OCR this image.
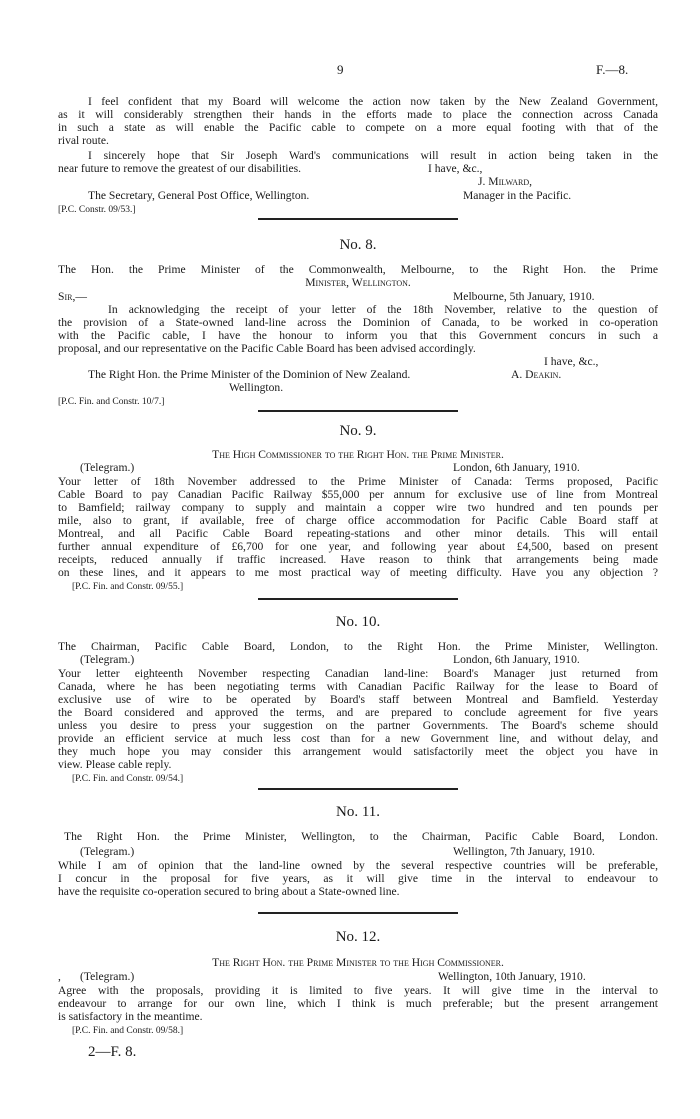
9	F.—8.
I feel confident that my Board will welcome the action now taken by the New Zealand Government,
as it will considerably strengthen their hands in the efforts made to place the connection across Canada
in such a state as will enable the Pacific cable to compete on a more equal footing with that of the
rival route.
I sincerely hope that Sir Joseph Ward's communications will result in action being taken in the
near future to remove the greatest of our disabilities.	I have, &c.,
J. Milward,
The Secretary, General Post Office, Wellington.	Manager in the Pacific.
[P.C. Constr. 09/53.]
No. 8.
The Hon. the Prime Minister of the Commonwealth, Melbourne, to the Right Hon. the Prime
Minister, Wellington.
Sir,—	Melbourne, 5th January, 1910.
In acknowledging the receipt of your letter of the 18th November, relative to the question of
the provision of a State-owned land-line across the Dominion of Canada, to be worked in co-operation
with the Pacific cable, I have the honour to inform you that this Government concurs in such a
proposal, and our representative on the Pacific Cable Board has been advised accordingly.
I have, &c.,
The Right Hon. the Prime Minister of the Dominion of New Zealand.	A. Deakin.
Wellington.
[P.C. Fin. and Constr. 10/7.]
No. 9.
The High Commissioner to the Right Hon. the Prime Minister.
(Telegram.)	London, 6th January, 1910.
Your letter of 18th November addressed to the Prime Minister of Canada: Terms proposed, Pacific
Cable Board to pay Canadian Pacific Railway $55,000 per annum for exclusive use of line from Montreal
to Bamfield; railway company to supply and maintain a copper wire two hundred and ten pounds per
mile, also to grant, if available, free of charge office accommodation for Pacific Cable Board staff at
Montreal, and all Pacific Cable Board repeating-stations and other minor details. This will entail
further annual expenditure of £6,700 for one year, and following year about £4,500, based on present
receipts, reduced annually if traffic increased. Have reason to think that arrangements being made
on these lines, and it appears to me most practical way of meeting difficulty. Have you any objection ?
[P.C. Fin. and Constr. 09/55.]
No. 10.
The Chairman, Pacific Cable Board, London, to the Right Hon. the Prime Minister, Wellington.
(Telegram.)	London, 6th January, 1910.
Your letter eighteenth November respecting Canadian land-line: Board's Manager just returned from
Canada, where he has been negotiating terms with Canadian Pacific Railway for the lease to Board of
exclusive use of wire to be operated by Board's staff between Montreal and Bamfield. Yesterday
the Board considered and approved the terms, and are prepared to conclude agreement for five years
unless you desire to press your suggestion on the partner Governments. The Board's scheme should
provide an efficient service at much less cost than for a new Government line, and without delay, and
they much hope you may consider this arrangement would satisfactorily meet the object you have in
view. Please cable reply.
[P.C. Fin. and Constr. 09/54.]
No. 11.
The Right Hon. the Prime Minister, Wellington, to the Chairman, Pacific Cable Board, London.
(Telegram.)	Wellington, 7th January, 1910.
While I am of opinion that the land-line owned by the several respective countries will be preferable,
I concur in the proposal for five years, as it will give time in the interval to endeavour to
have the requisite co-operation secured to bring about a State-owned line.
No. 12.
The Right Hon. the Prime Minister to the High Commissioner.
, (Telegram.)	Wellington, 10th January, 1910.
Agree with the proposals, providing it is limited to five years. It will give time in the interval to
endeavour to arrange for our own line, which I think is much preferable; but the present arrangement
is satisfactory in the meantime.
[P.C. Fin. and Constr. 09/58.]
2—F. 8.
